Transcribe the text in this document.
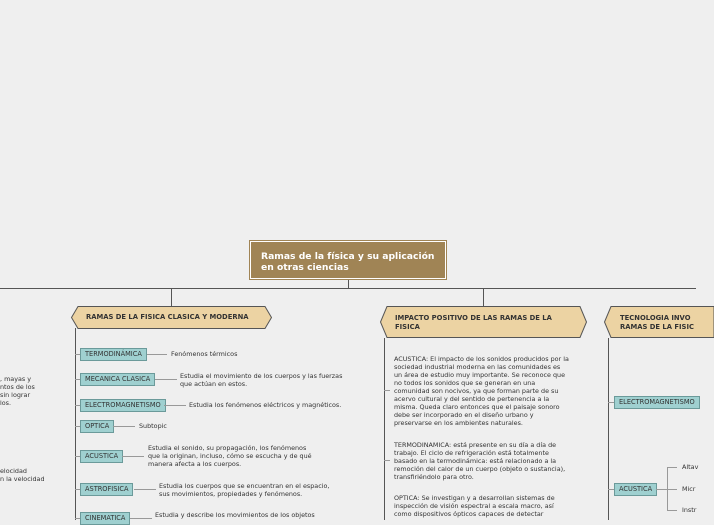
Ramas de la física y su aplicación en otras ciencias
RAMAS DE LA FISICA CLASICA Y MODERNA	IMPACTO POSITIVO DE LAS RAMAS DE LA FISICA
TECNOLOGIA INVO
RAMAS DE LA FISIC
, mayas y
ntos de los
sin lograr
los.
elocidad
n la velocidad
TERMODINÁMICA	Fenómenos térmicos
MECANICA CLASICA	Estudia el movimiento de los cuerpos y las fuerzas que actúan en estos.
ELECTROMAGNETISMO	Estudia los fenómenos eléctricos y magnéticos.
OPTICA	Subtopic
ACUSTICA
Estudia el sonido, su propagación, los fenómenos que la originan, incluso, cómo se escucha y de qué manera afecta a los cuerpos.
ASTROFISICA	Estudia los cuerpos que se encuentran en el espacio, sus movimientos, propiedades y fenómenos.
CINEMATICA	Estudia y describe los movimientos de los objetos
ACUSTICA: El impacto de los sonidos producidos por la sociedad industrial moderna en las comunidades es un área de estudio muy importante. Se reconoce que no todos los sonidos que se generan en una comunidad son nocivos, ya que forman parte de su acervo cultural y del sentido de pertenencia a la misma. Queda claro entonces que el paisaje sonoro debe ser incorporado en el diseño urbano y preservarse en los ambientes naturales.
TERMODINAMICA: está presente en su día a día de trabajo. El ciclo de refrigeración está totalmente basado en la termodinámica: está relacionado a la remoción del calor de un cuerpo (objeto o sustancia), transfiriéndolo para otro.
OPTICA: Se investigan y a desarrollan sistemas de inspección de visión espectral a escala macro, así como dispositivos ópticos capaces de detectar
ELECTROMAGNETISMO
ACUSTICA
Altav
Micr
Instr
